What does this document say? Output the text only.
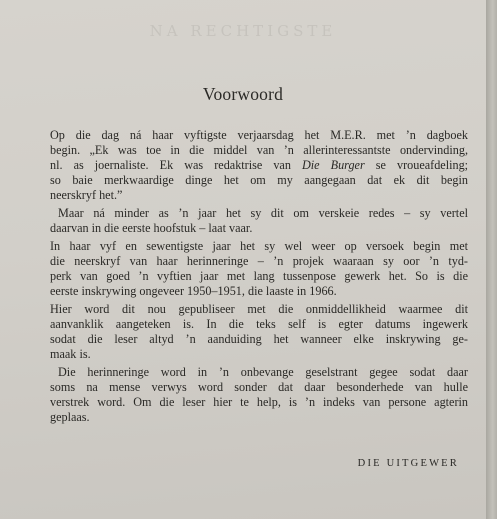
NA RECHTIGSTE
Voorwoord
Op die dag ná haar vyftigste verjaarsdag het M.E.R. met ’n dagboek
begin. „Ek was toe in die middel van ’n allerinteressantste ondervinding,
nl. as joernaliste. Ek was redaktrise van Die Burger se vroueafdeling;
so baie merkwaardige dinge het om my aangegaan dat ek dit begin
neerskryf het.”
Maar ná minder as ’n jaar het sy dit om verskeie redes – sy vertel
daarvan in die eerste hoofstuk – laat vaar.
In haar vyf en sewentigste jaar het sy wel weer op versoek begin met
die neerskryf van haar herinneringe – ’n projek waaraan sy oor ’n tyd-
perk van goed ’n vyftien jaar met lang tussenpose gewerk het. So is die
eerste inskrywing ongeveer 1950–1951, die laaste in 1966.
Hier word dit nou gepubliseer met die onmiddellikheid waarmee dit
aanvanklik aangeteken is. In die teks self is egter datums ingewerk
sodat die leser altyd ’n aanduiding het wanneer elke inskrywing ge-
maak is.
Die herinneringe word in ’n onbevange geselstrant gegee sodat daar
soms na mense verwys word sonder dat daar besonderhede van hulle
verstrek word. Om die leser hier te help, is ’n indeks van persone agterin
geplaas.
DIE UITGEWER
